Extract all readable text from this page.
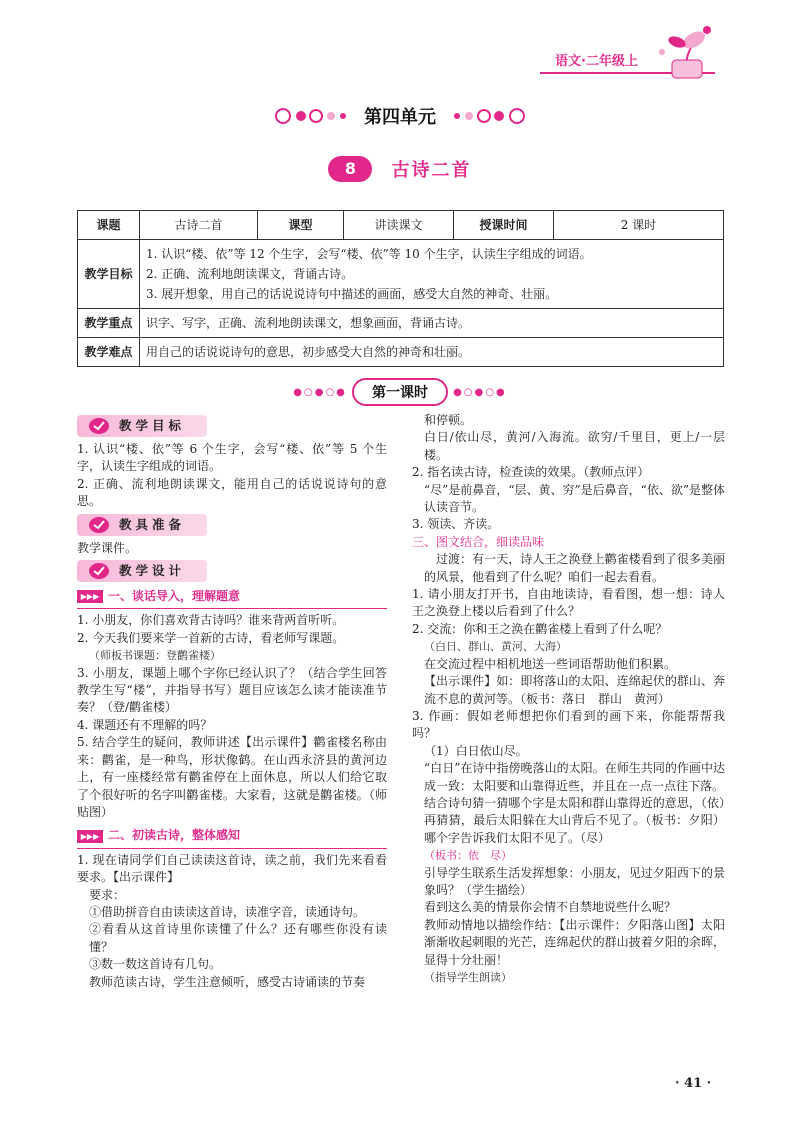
语文·二年级上
第四单元
8 古诗二首
课题	古诗二首	课型	讲读课文	授课时间	2 课时
教学目标	1. 认识“楼、依”等 12 个生字，会写“楼、依”等 10 个生字，认读生字组成的词语。
2. 正确、流利地朗读课文，背诵古诗。
3. 展开想象，用自己的话说说诗句中描述的画面，感受大自然的神奇、壮丽。				

教学重点	识字、写字，正确、流利地朗读课文，想象画面，背诵古诗。				
教学难点	用自己的话说说诗句的意思，初步感受大自然的神奇和壮丽。				
●○●○● 第一课时	●○●○●
教学目标

1. 认识“楼、依”等 6 个生字，会写“楼、依”等 5 个生字，认读生字组成的词语。

2. 正确、流利地朗读课文，能用自己的话说说诗句的意思。

教具准备

教学课件。

教学设计
▶▶▶ 一、谈话导入，理解题意

1. 小朋友，你们喜欢背古诗吗？谁来背两首听听。

2. 今天我们要来学一首新的古诗，看老师写课题。

（师板书课题：登鹳雀楼）

3. 小朋友，课题上哪个字你已经认识了？（结合学生回答教学生写“楼”，并指导书写）题目应该怎么读才能读准节奏？（登/鹳雀楼）

4. 课题还有不理解的吗？

5. 结合学生的疑问，教师讲述【出示课件】鹳雀楼名称由来：鹳雀，是一种鸟，形状像鹤。在山西永济县的黄河边上，有一座楼经常有鹳雀停在上面休息，所以人们给它取了个很好听的名字叫鹳雀楼。大家看，这就是鹳雀楼。（师贴图）

▶▶▶ 二、初读古诗，整体感知

1. 现在请同学们自己读读这首诗，读之前，我们先来看看要求。【出示课件】

要求：

①借助拼音自由读读这首诗，读准字音，读通诗句。

②看看从这首诗里你读懂了什么？还有哪些你没有读懂？

③数一数这首诗有几句。

教师范读古诗，学生注意倾听，感受古诗诵读的节奏

和停顿。

白日/依山尽，黄河/入海流。欲穷/千里目，更上/一层楼。

2. 指名读古诗，检查读的效果。（教师点评）

“尽”是前鼻音，“层、黄、穷”是后鼻音，“依、欲”是整体认读音节。

3. 领读、齐读。

三、图文结合，细读品味

过渡：有一天，诗人王之涣登上鹳雀楼看到了很多美丽的风景，他看到了什么呢？咱们一起去看看。

1. 请小朋友打开书，自由地读诗，看看图，想一想：诗人王之涣登上楼以后看到了什么？

2. 交流：你和王之涣在鹳雀楼上看到了什么呢？

（白日、群山、黄河、大海）

在交流过程中相机地送一些词语帮助他们积累。

【出示课件】如：即将落山的太阳、连绵起伏的群山、奔流不息的黄河等。（板书：落日　群山　黄河）

3. 作画：假如老师想把你们看到的画下来，你能帮帮我吗？

（1）白日依山尽。

“白日”在诗中指傍晚落山的太阳。在师生共同的作画中达成一致：太阳要和山靠得近些，并且在一点一点往下落。

结合诗句猜一猜哪个字是太阳和群山靠得近的意思，（依）再猜猜，最后太阳躲在大山背后不见了。（板书：夕阳）哪个字告诉我们太阳不见了。（尽）

（板书：依　尽）

引导学生联系生活发挥想象：小朋友，见过夕阳西下的景象吗？（学生描绘）

看到这么美的情景你会情不自禁地说些什么呢？

教师动情地以描绘作结：【出示课件：夕阳落山图】太阳渐渐收起刺眼的光芒，连绵起伏的群山披着夕阳的余晖，显得十分壮丽！

（指导学生朗读）

· 41 ·
